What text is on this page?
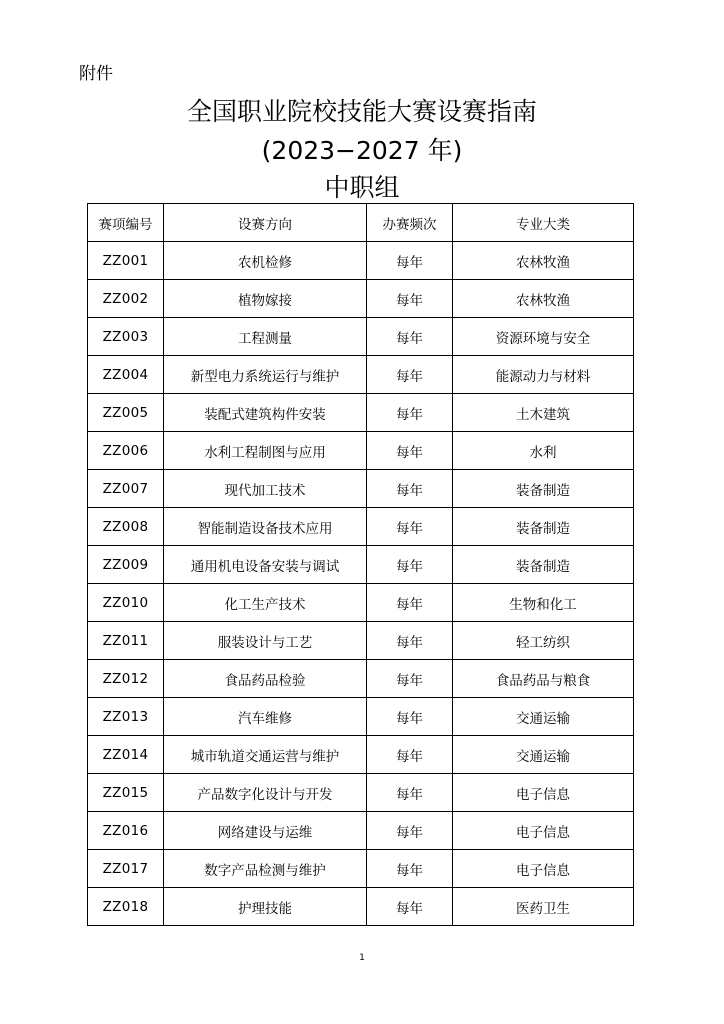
附件
全国职业院校技能大赛设赛指南
(2023−2027 年)
中职组
赛项编号	设赛方向	办赛频次	专业大类
ZZ001	农机检修	每年	农林牧渔
ZZ002	植物嫁接	每年	农林牧渔
ZZ003	工程测量	每年	资源环境与安全
ZZ004	新型电力系统运行与维护	每年	能源动力与材料
ZZ005	装配式建筑构件安装	每年	土木建筑
ZZ006	水利工程制图与应用	每年	水利
ZZ007	现代加工技术	每年	装备制造
ZZ008	智能制造设备技术应用	每年	装备制造
ZZ009	通用机电设备安装与调试	每年	装备制造
ZZ010	化工生产技术	每年	生物和化工
ZZ011	服装设计与工艺	每年	轻工纺织
ZZ012	食品药品检验	每年	食品药品与粮食
ZZ013	汽车维修	每年	交通运输
ZZ014	城市轨道交通运营与维护	每年	交通运输
ZZ015	产品数字化设计与开发	每年	电子信息
ZZ016	网络建设与运维	每年	电子信息
ZZ017	数字产品检测与维护	每年	电子信息
ZZ018	护理技能	每年	医药卫生
1
